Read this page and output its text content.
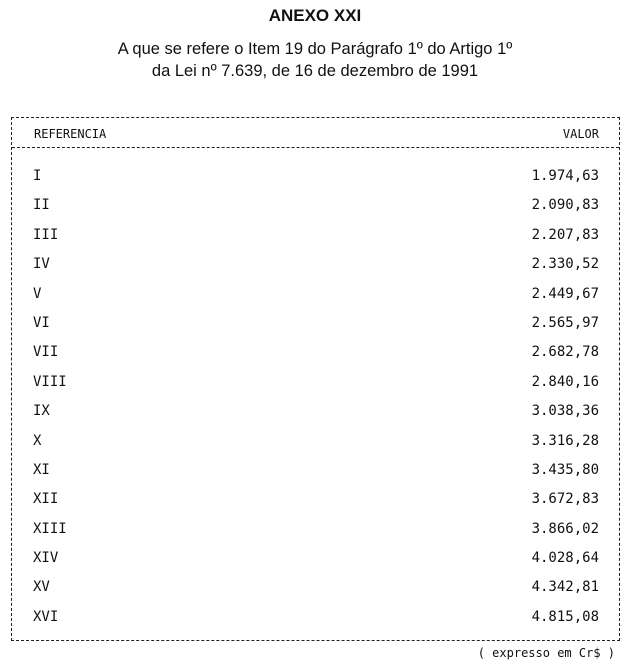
ANEXO XXI
A que se refere o Item 19 do Parágrafo 1º do Artigo 1º
da Lei nº 7.639, de 16 de dezembro de 1991
REFERENCIA	VALOR
I	1.974,63
II	2.090,83
III	2.207,83
IV	2.330,52
V	2.449,67
VI	2.565,97
VII	2.682,78
VIII	2.840,16
IX	3.038,36
X	3.316,28
XI	3.435,80
XII	3.672,83
XIII	3.866,02
XIV	4.028,64
XV	4.342,81
XVI	4.815,08
( expresso em Cr$ )
